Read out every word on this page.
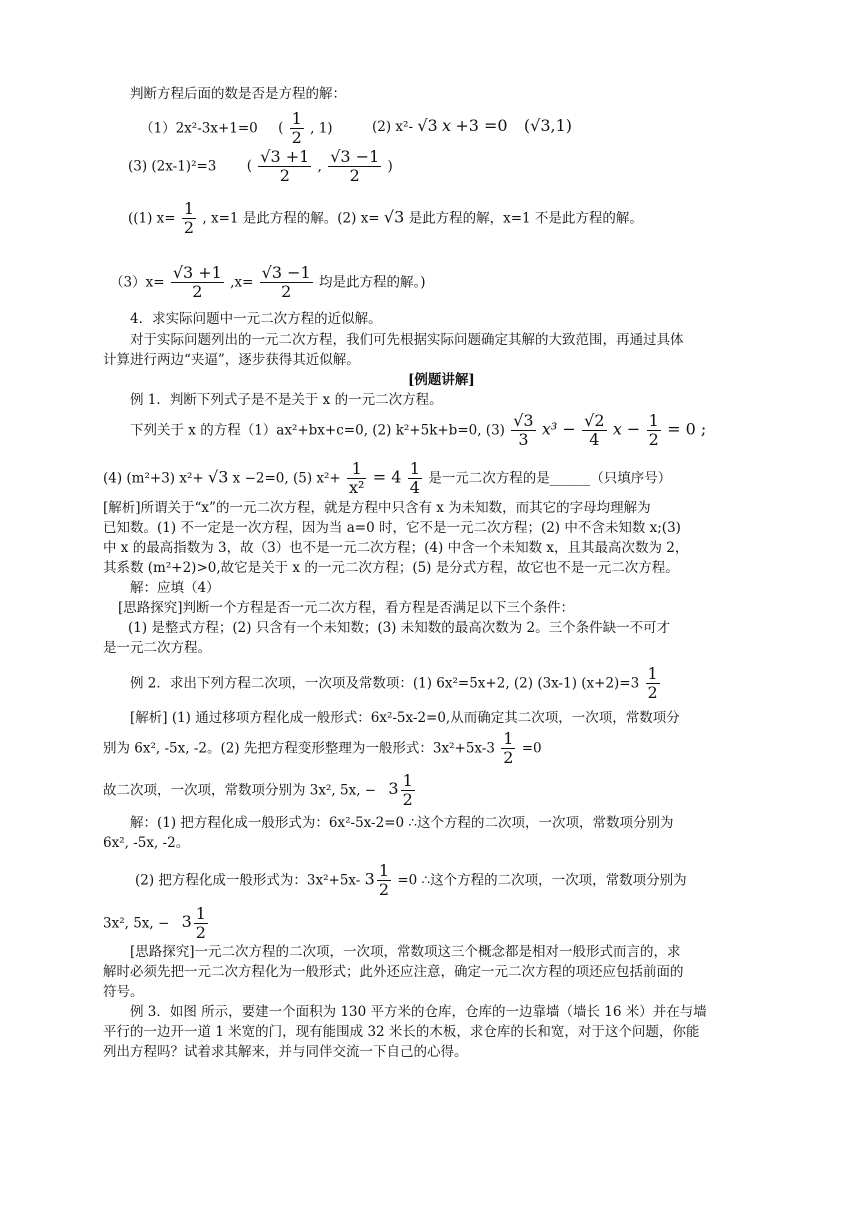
判断方程后面的数是否是方程的解：
（1）2x²-3x+1=0 ( $\frac{1}{2}$ , 1)	(2) x²- √3 x +3 =0 (√3,1)
(3) (2x-1)²=3 ( $\frac{√3 +1}{2}$ , $\frac{√3 -1}{2}$ )
((1) $x= \frac{1}{2}$ , x=1 是此方程的解。(2) x= √3 是此方程的解，x=1 不是此方程的解。
$(3)x= \frac{√3 +1}{2} ,x= \frac{√3 -1}{2}$ 均是此方程的解。)
4．求实际问题中一元二次方程的近似解。
对于实际问题列出的一元二次方程，我们可先根据实际问题确定其解的大致范围，再通过具体
计算进行两边“夹逼”，逐步获得其近似解。
[例题讲解]
例 1．判断下列式子是不是关于 x 的一元二次方程。
下列关于 x 的方程（1）ax²+bx+c=0, (2) k²+5k+b=0, $(3) \frac{√3}{3} x^3 - \frac{√2}{4}$ $x - \frac{1}{2} = 0$ ;
(4) (m²+3) x²+ √3 x −2=0, (5) $x^2+ \frac{1}{\text{x²}} = 4 \frac{1}{4}$ 是一元二次方程的是______（只填序号）
[解析]所谓关于“x”的一元二次方程，就是方程中只含有 x 为未知数，而其它的字母均理解为
已知数。(1) 不一定是一次方程，因为当 a=0 时，它不是一元二次方程；(2) 中不含未知数 x;(3)
中 x 的最高指数为 3，故（3）也不是一元二次方程；(4) 中含一个未知数 x，且其最高次数为 2，
其系数 (m²+2)>0,故它是关于 x 的一元二次方程；(5) 是分式方程，故它也不是一元二次方程。
解：应填（4）
[思路探究]判断一个方程是否一元二次方程，看方程是否满足以下三个条件：
(1) 是整式方程；(2) 只含有一个未知数；(3) 未知数的最高次数为 2。三个条件缺一不可才
是一元二次方程。
例 2．求出下列方程二次项，一次项及常数项：(1) 6x²=5x+2, (2) (3x-1) $(x+2)=3 \frac{1}{2}$
[解析] (1) 通过移项方程化成一般形式：6x²-5x-2=0,从而确定其二次项，一次项，常数项分
别为 6x², -5x, -2。(2) 先把方程变形整理为一般形式：$3x^2+5x-3 \frac{1}{2} =0$
故二次项，一次项，常数项分别为 3x², 5x, − $3 \frac{1}{2}$
解：(1) 把方程化成一般形式为：6x²-5x-2=0 ∴这个方程的二次项，一次项，常数项分别为
6x², -5x, -2。
(2) 把方程化成一般形式为：3x²+5x- $3 \frac{1}{2} =0$ ∴这个方程的二次项，一次项，常数项分别为
3x², 5x, − $3 \frac{1}{2}$
[思路探究]一元二次方程的二次项，一次项，常数项这三个概念都是相对一般形式而言的，求
解时必须先把一元二次方程化为一般形式；此外还应注意，确定一元二次方程的项还应包括前面的
符号。
例 3．如图 所示，要建一个面积为 130 平方米的仓库，仓库的一边靠墙（墙长 16 米）并在与墙
平行的一边开一道 1 米宽的门，现有能围成 32 米长的木板，求仓库的长和宽，对于这个问题，你能
列出方程吗？试着求其解来，并与同伴交流一下自己的心得。
